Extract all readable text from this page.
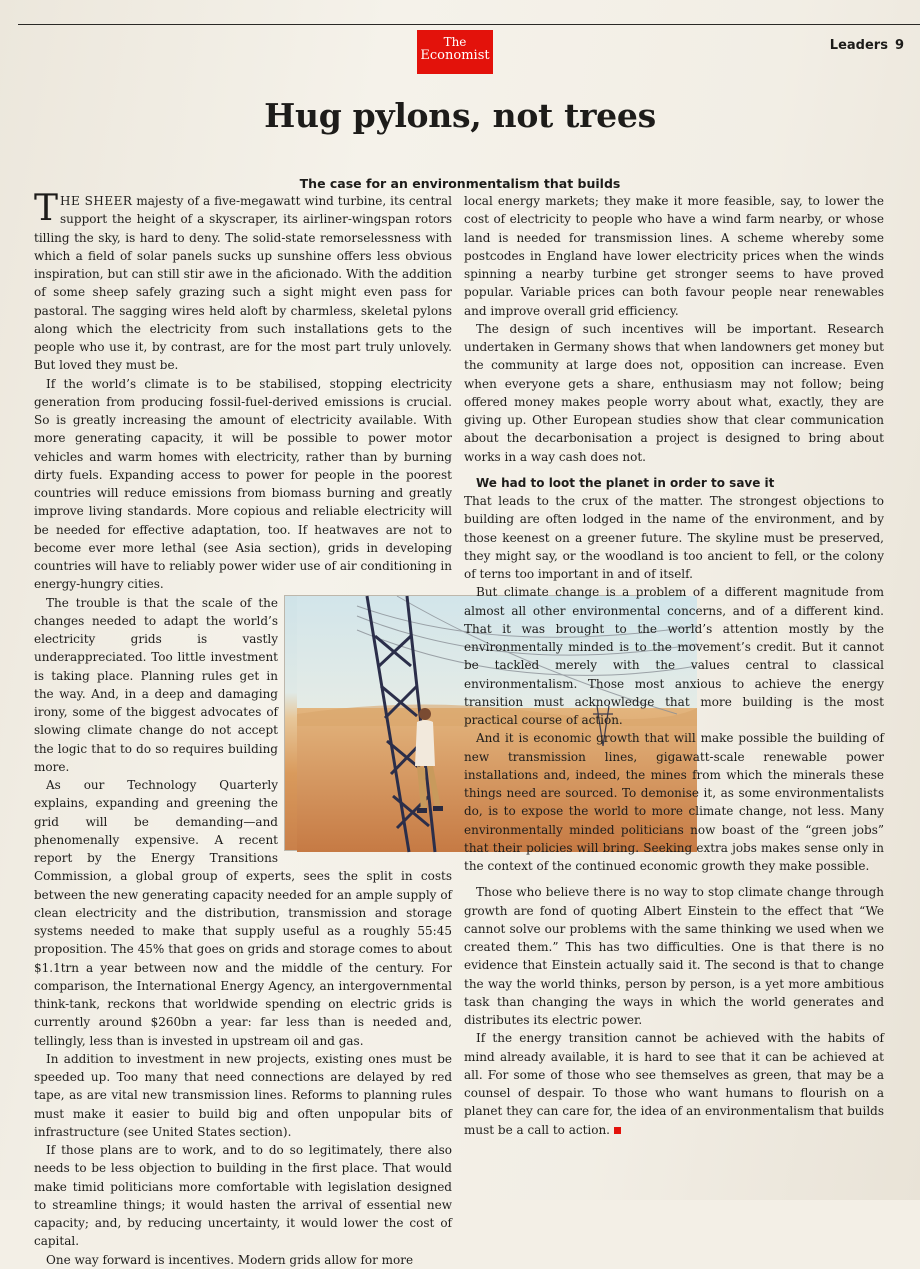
The
Economist
Leaders 9
Hug pylons, not trees
The case for an environmentalism that builds

THE SHEER majesty of a five-megawatt wind turbine, its central support the height of a skyscraper, its airliner-wingspan rotors tilling the sky, is hard to deny. The solid-state remorselessness with which a field of solar panels sucks up sunshine offers less obvious inspiration, but can still stir awe in the aficionado. With the addition of some sheep safely grazing such a sight might even pass for pastoral. The sagging wires held aloft by charmless, skeletal pylons along which the electricity from such installations gets to the people who use it, by contrast, are for the most part truly unlovely. But loved they must be.

If the world’s climate is to be stabilised, stopping electricity generation from producing fossil-fuel-derived emissions is crucial. So is greatly increasing the amount of electricity available. With more generating capacity, it will be possible to power motor vehicles and warm homes with electricity, rather than by burning dirty fuels. Expanding access to power for people in the poorest countries will reduce emissions from biomass burning and greatly improve living standards. More copious and reliable electricity will be needed for effective adaptation, too. If heatwaves are not to become ever more lethal (see Asia section), grids in developing countries will have to reliably power wider use of air conditioning in energy-hungry cities.

The trouble is that the scale of the changes needed to adapt the world’s electricity grids is vastly underappreciated. Too little investment is taking place. Planning rules get in the way. And, in a deep and damaging irony, some of the biggest advocates of slowing climate change do not accept the logic that to do so requires building more.

As our Technology Quarterly explains, expanding and greening the grid will be demanding—and phenomenally expensive. A recent report by the Energy Transitions Commission, a global group of experts, sees the split in costs between the new generating capacity needed for an ample supply of clean electricity and the distribution, transmission and storage systems needed to make that supply useful as a roughly 55:45 proposition. The 45% that goes on grids and storage comes to about $1.1trn a year between now and the middle of the century. For comparison, the International Energy Agency, an intergovernmental think-tank, reckons that worldwide spending on electric grids is currently around $260bn a year: far less than is needed and, tellingly, less than is invested in upstream oil and gas.

In addition to investment in new projects, existing ones must be speeded up. Too many that need connections are delayed by red tape, as are vital new transmission lines. Reforms to planning rules must make it easier to build big and often unpopular bits of infrastructure (see United States section).

If those plans are to work, and to do so legitimately, there also needs to be less objection to building in the first place. That would make timid politicians more comfortable with legislation designed to streamline things; it would hasten the arrival of essential new capacity; and, by reducing uncertainty, it would lower the cost of capital.

One way forward is incentives. Modern grids allow for more

local energy markets; they make it more feasible, say, to lower the cost of electricity to people who have a wind farm nearby, or whose land is needed for transmission lines. A scheme whereby some postcodes in England have lower electricity prices when the winds spinning a nearby turbine get stronger seems to have proved popular. Variable prices can both favour people near renewables and improve overall grid efficiency.

The design of such incentives will be important. Research undertaken in Germany shows that when landowners get money but the community at large does not, opposition can increase. Even when everyone gets a share, enthusiasm may not follow; being offered money makes people worry about what, exactly, they are giving up. Other European studies show that clear communication about the decarbonisation a project is designed to bring about works in a way cash does not.

We had to loot the planet in order to save it

That leads to the crux of the matter. The strongest objections to building are often lodged in the name of the environment, and by those keenest on a greener future. The skyline must be preserved, they might say, or the woodland is too ancient to fell, or the colony of terns too important in and of itself.

But climate change is a problem of a different magnitude from almost all other environmental concerns, and of a different kind. That it was brought to the world’s attention mostly by the environmentally minded is to the movement’s credit. But it cannot be tackled merely with the values central to classical environmentalism. Those most anxious to achieve the energy transition must acknowledge that more building is the most practical course of action.

And it is economic growth that will make possible the building of new transmission lines, gigawatt-scale renewable power installations and, indeed, the mines from which the minerals these things need are sourced. To demonise it, as some environmentalists do, is to expose the world to more climate change, not less. Many environmentally minded politicians now boast of the “green jobs” that their policies will bring. Seeking extra jobs makes sense only in the context of the continued economic growth they make possible.

Those who believe there is no way to stop climate change through growth are fond of quoting Albert Einstein to the effect that “We cannot solve our problems with the same thinking we used when we created them.” This has two difficulties. One is that there is no evidence that Einstein actually said it. The second is that to change the way the world thinks, person by person, is a yet more ambitious task than changing the ways in which the world generates and distributes its electric power.

If the energy transition cannot be achieved with the habits of mind already available, it is hard to see that it can be achieved at all. For some of those who see themselves as green, that may be a counsel of despair. To those who want humans to flourish on a planet they can care for, the idea of an environmentalism that builds must be a call to action.
